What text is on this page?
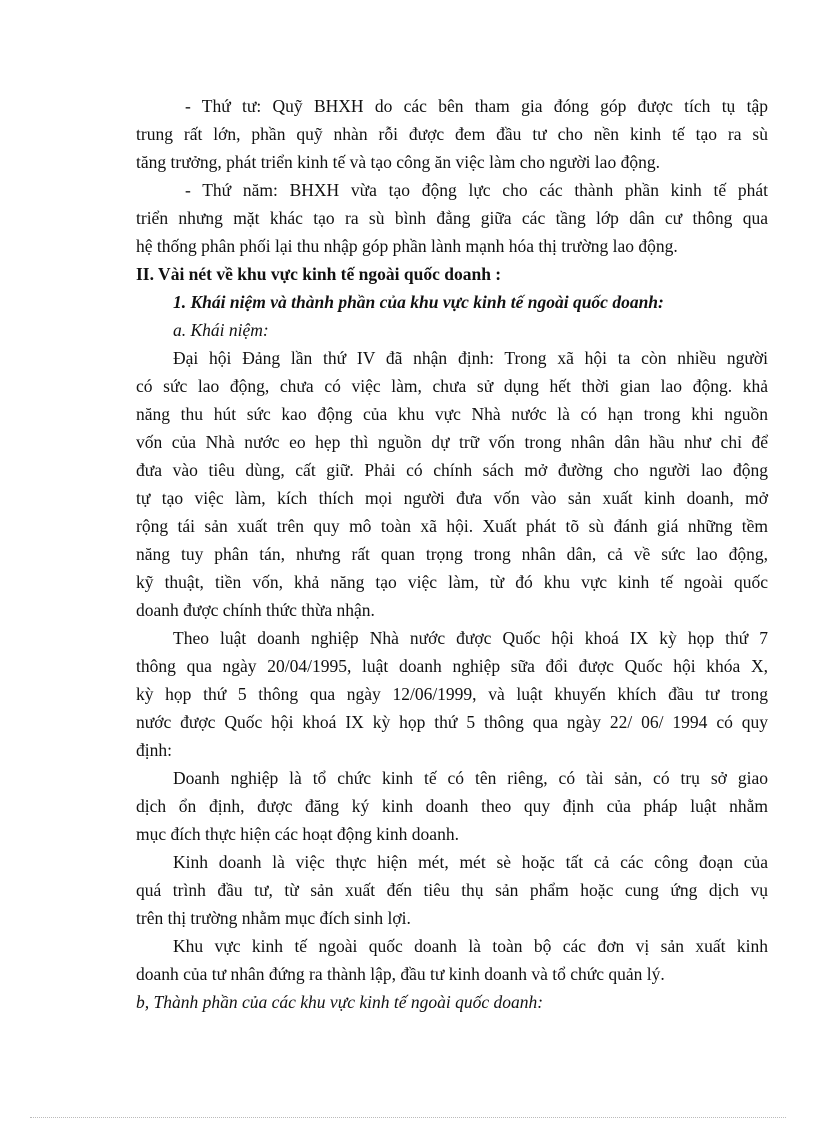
- Thứ tư: Quỹ BHXH do các bên tham gia đóng góp được tích tụ tập
trung rất lớn, phần quỹ nhàn rỗi được đem đầu tư cho nền kinh tế tạo ra sù
tăng trưởng, phát triển kinh tế và tạo công ăn việc làm cho người lao động.
- Thứ năm: BHXH vừa tạo động lực cho các thành phần kinh tế phát
triển nhưng mặt khác tạo ra sù bình đẳng giữa các tầng lớp dân cư thông qua
hệ thống phân phối lại thu nhập góp phần lành mạnh hóa thị trường lao động.
II. Vài nét về khu vực kinh tế ngoài quốc doanh :
1. Khái niệm và thành phần của khu vực kinh tế ngoài quốc doanh:
a. Khái niệm:
Đại hội Đảng lần thứ IV đã nhận định: Trong xã hội ta còn nhiều người
có sức lao động, chưa có việc làm, chưa sử dụng hết thời gian lao động. khả
năng thu hút sức kao động của khu vực Nhà nước là có hạn trong khi nguồn
vốn của Nhà nước eo hẹp thì nguồn dự trữ vốn trong nhân dân hầu như chỉ để
đưa vào tiêu dùng, cất giữ. Phải có chính sách mở đường cho người lao động
tự tạo việc làm, kích thích mọi người đưa vốn vào sản xuất kinh doanh, mở
rộng tái sản xuất trên quy mô toàn xã hội. Xuất phát tõ sù đánh giá những tềm
năng tuy phân tán, nhưng rất quan trọng trong nhân dân, cả về sức lao động,
kỹ thuật, tiền vốn, khả năng tạo việc làm, từ đó khu vực kinh tế ngoài quốc
doanh được chính thức thừa nhận.
Theo luật doanh nghiệp Nhà nước được Quốc hội khoá IX kỳ họp thứ 7
thông qua ngày 20/04/1995, luật doanh nghiệp sữa đổi được Quốc hội khóa X,
kỳ họp thứ 5 thông qua ngày 12/06/1999, và luật khuyến khích đầu tư trong
nước được Quốc hội khoá IX kỳ họp thứ 5 thông qua ngày 22/ 06/ 1994 có quy
định:
Doanh nghiệp là tổ chức kinh tế có tên riêng, có tài sản, có trụ sở giao
dịch ổn định, được đăng ký kinh doanh theo quy định của pháp luật nhằm
mục đích thực hiện các hoạt động kinh doanh.
Kinh doanh là việc thực hiện mét, mét sè hoặc tất cả các công đoạn của
quá trình đầu tư, từ sản xuất đến tiêu thụ sản phẩm hoặc cung ứng dịch vụ
trên thị trường nhằm mục đích sinh lợi.
Khu vực kinh tế ngoài quốc doanh là toàn bộ các đơn vị sản xuất kinh
doanh của tư nhân đứng ra thành lập, đầu tư kinh doanh và tổ chức quản lý.
b, Thành phần của các khu vực kinh tế ngoài quốc doanh:
